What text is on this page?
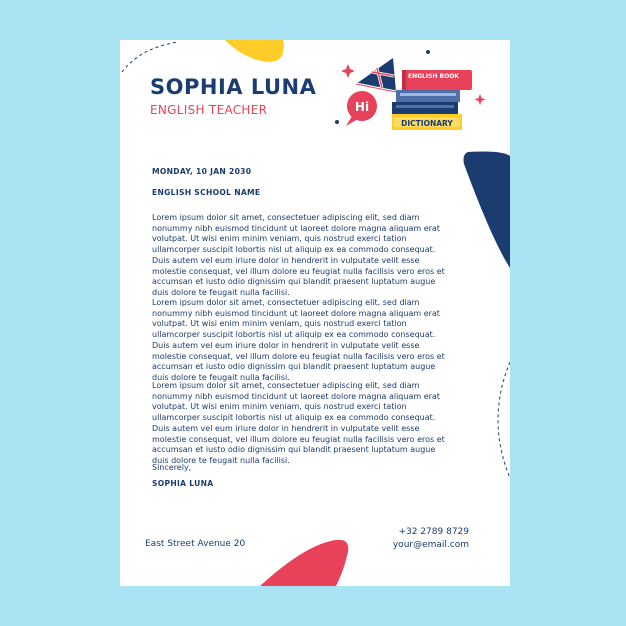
SOPHIA LUNA
ENGLISH TEACHER	Hi
DICTIONARY
ENGLISH BOOK
MONDAY, 10 JAN 2030
ENGLISH SCHOOL NAME

Lorem ipsum dolor sit amet, consectetuer adipiscing elit, sed diam nonummy nibh euismod tincidunt ut laoreet dolore magna aliquam erat volutpat. Ut wisi enim minim veniam, quis nostrud exerci tation ullamcorper suscipit lobortis nisl ut aliquip ex ea commodo consequat. Duis autem vel eum iriure dolor in hendrerit in vulputate velit esse molestie consequat, vel illum dolore eu feugiat nulla facilisis vero eros et accumsan et iusto odio dignissim qui blandit praesent luptatum augue duis dolore te feugait nulla facilisi.

Lorem ipsum dolor sit amet, consectetuer adipiscing elit, sed diam nonummy nibh euismod tincidunt ut laoreet dolore magna aliquam erat volutpat. Ut wisi enim minim veniam, quis nostrud exerci tation ullamcorper suscipit lobortis nisl ut aliquip ex ea commodo consequat. Duis autem vel eum iriure dolor in hendrerit in vulputate velit esse molestie consequat, vel illum dolore eu feugiat nulla facilisis vero eros et accumsan et iusto odio dignissim qui blandit praesent luptatum augue duis dolore te feugait nulla facilisi.

Lorem ipsum dolor sit amet, consectetuer adipiscing elit, sed diam nonummy nibh euismod tincidunt ut laoreet dolore magna aliquam erat volutpat. Ut wisi enim minim veniam, quis nostrud exerci tation ullamcorper suscipit lobortis nisl ut aliquip ex ea commodo consequat. Duis autem vel eum iriure dolor in hendrerit in vulputate velit esse molestie consequat, vel illum dolore eu feugiat nulla facilisis vero eros et accumsan et iusto odio dignissim qui blandit praesent luptatum augue duis dolore te feugait nulla facilisi.

Sincerely,
SOPHIA LUNA
East Street Avenue 20
+32 2789 8729
your@email.com
